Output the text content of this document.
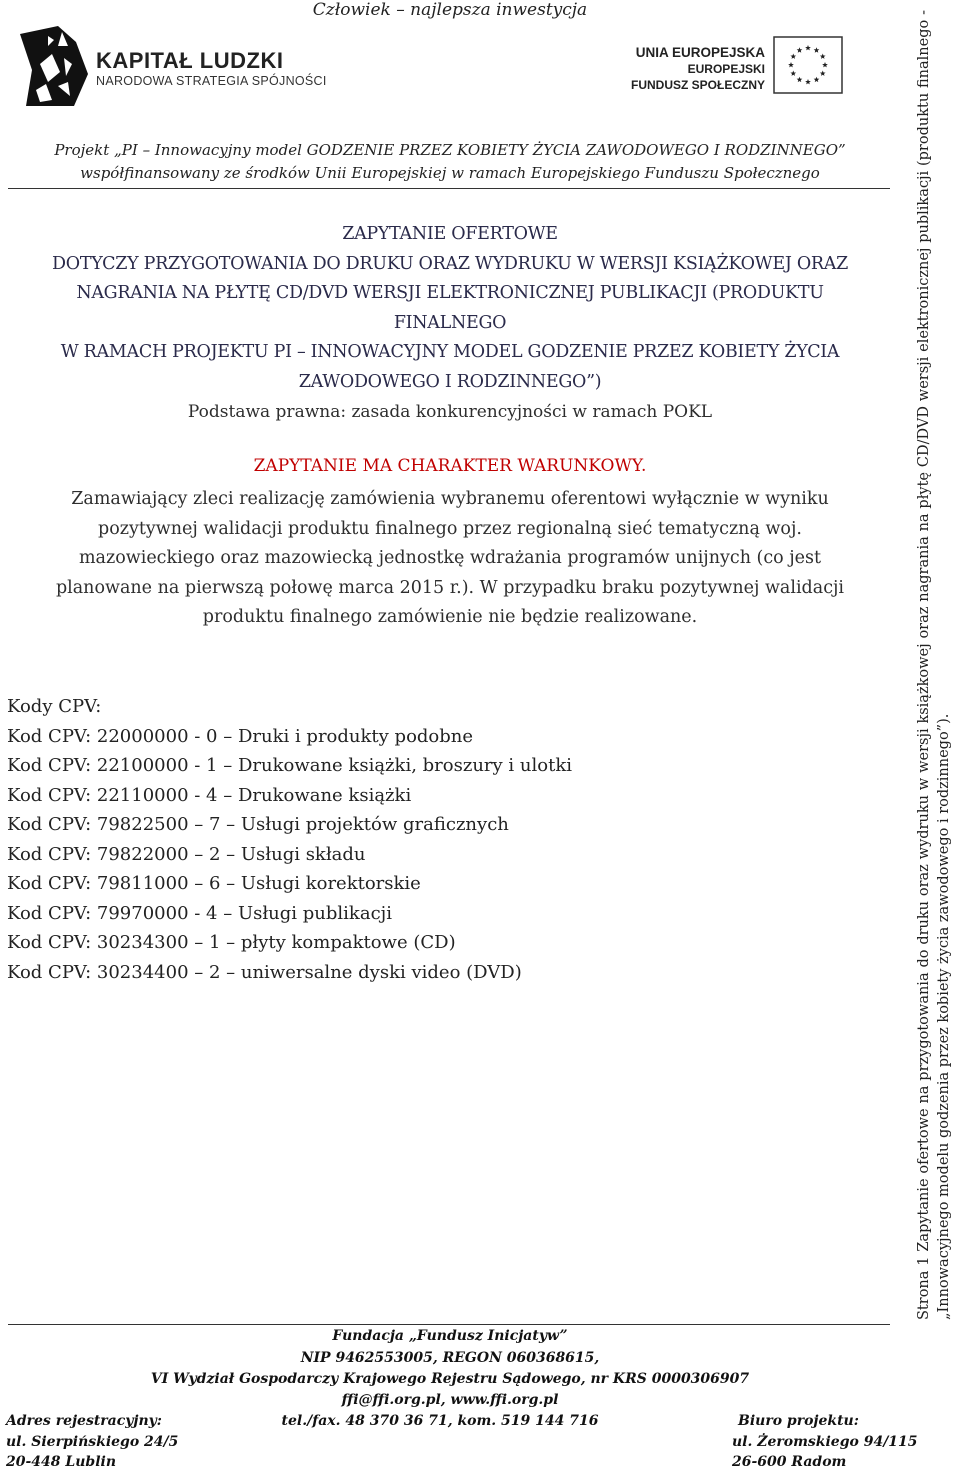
Człowiek – najlepsza inwestycja
KAPITAŁ LUDZKI
NARODOWA STRATEGIA SPÓJNOŚCI
UNIA EUROPEJSKA
EUROPEJSKI
FUNDUSZ SPOŁECZNY
Projekt „PI – Innowacyjny model GODZENIE PRZEZ KOBIETY ŻYCIA ZAWODOWEGO I RODZINNEGO”
współfinansowany ze środków Unii Europejskiej w ramach Europejskiego Funduszu Społecznego
ZAPYTANIE OFERTOWE
DOTYCZY PRZYGOTOWANIA DO DRUKU ORAZ WYDRUKU W WERSJI KSIĄŻKOWEJ ORAZ
NAGRANIA NA PŁYTĘ CD/DVD WERSJI ELEKTRONICZNEJ PUBLIKACJI (PRODUKTU
FINALNEGO
W RAMACH PROJEKTU PI – INNOWACYJNY MODEL GODZENIE PRZEZ KOBIETY ŻYCIA
ZAWODOWEGO I RODZINNEGO”)
Podstawa prawna: zasada konkurencyjności w ramach POKL
ZAPYTANIE MA CHARAKTER WARUNKOWY.
Zamawiający zleci realizację zamówienia wybranemu oferentowi wyłącznie w wyniku
pozytywnej walidacji produktu finalnego przez regionalną sieć tematyczną woj.
mazowieckiego oraz mazowiecką jednostkę wdrażania programów unijnych (co jest
planowane na pierwszą połowę marca 2015 r.). W przypadku braku pozytywnej walidacji
produktu finalnego zamówienie nie będzie realizowane.
Kody CPV:
Kod CPV: 22000000 - 0 – Druki i produkty podobne
Kod CPV: 22100000 - 1 – Drukowane książki, broszury i ulotki
Kod CPV: 22110000 - 4 – Drukowane książki
Kod CPV: 79822500 – 7 – Usługi projektów graficznych
Kod CPV: 79822000 – 2 – Usługi składu
Kod CPV: 79811000 – 6 – Usługi korektorskie
Kod CPV: 79970000 - 4 – Usługi publikacji
Kod CPV: 30234300 – 1 – płyty kompaktowe (CD)
Kod CPV: 30234400 – 2 – uniwersalne dyski video (DVD)
Fundacja „Fundusz Inicjatyw”
NIP 9462553005, REGON 060368615,
VI Wydział Gospodarczy Krajowego Rejestru Sądowego, nr KRS 0000306907
ffi@ffi.org.pl, www.ffi.org.pl
Adres rejestracyjny:	tel./fax. 48 370 36 71, kom. 519 144 716	Biuro projektu:
ul. Sierpińskiego 24/5	ul. Żeromskiego 94/115
20-448 Lublin	26-600 Radom
Strona 1 Zapytanie ofertowe na przygotowania do druku oraz wydruku w wersji książkowej oraz nagrania na płytę CD/DVD wersji elektronicznej publikacji (produktu finalnego - „Innowacyjnego modelu godzenia przez kobiety życia zawodowego i rodzinnego”).
